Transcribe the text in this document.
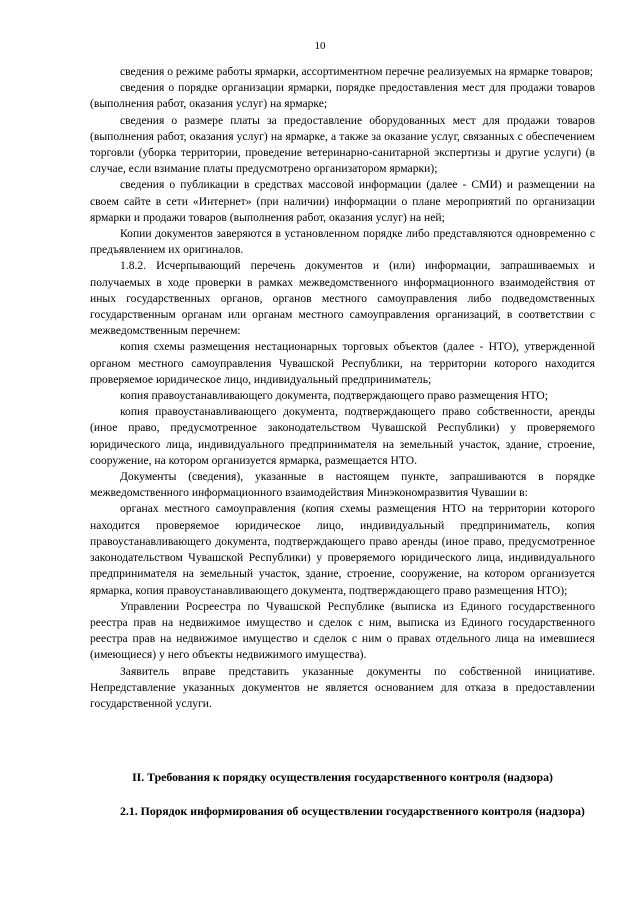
10

сведения о режиме работы ярмарки, ассортиментном перечне реализуемых на ярмарке товаров;

сведения о порядке организации ярмарки, порядке предоставления мест для продажи товаров (выполнения работ, оказания услуг) на ярмарке;

сведения о размере платы за предоставление оборудованных мест для продажи товаров (выполнения работ, оказания услуг) на ярмарке, а также за оказание услуг, связанных с обеспечением торговли (уборка территории, проведение ветеринарно-санитарной экспертизы и другие услуги) (в случае, если взимание платы предусмотрено организатором ярмарки);

сведения о публикации в средствах массовой информации (далее - СМИ) и размещении на своем сайте в сети «Интернет» (при наличии) информации о плане мероприятий по организации ярмарки и продажи товаров (выполнения работ, оказания услуг) на ней;

Копии документов заверяются в установленном порядке либо представляются одновременно с предъявлением их оригиналов.

1.8.2. Исчерпывающий перечень документов и (или) информации, запрашиваемых и получаемых в ходе проверки в рамках межведомственного информационного взаимодействия от иных государственных органов, органов местного самоуправления либо подведомственных государственным органам или органам местного самоуправления организаций, в соответствии с межведомственным перечнем:

копия схемы размещения нестационарных торговых объектов (далее - НТО), утвержденной органом местного самоуправления Чувашской Республики, на территории которого находится проверяемое юридическое лицо, индивидуальный предприниматель;

копия правоустанавливающего документа, подтверждающего право размещения НТО;

копия правоустанавливающего документа, подтверждающего право собственности, аренды (иное право, предусмотренное законодательством Чувашской Республики) у проверяемого юридического лица, индивидуального предпринимателя на земельный участок, здание, строение, сооружение, на котором организуется ярмарка, размещается НТО.

Документы (сведения), указанные в настоящем пункте, запрашиваются в порядке межведомственного информационного взаимодействия Минэкономразвития Чувашии в:

органах местного самоуправления (копия схемы размещения НТО на территории которого находится проверяемое юридическое лицо, индивидуальный предприниматель, копия правоустанавливающего документа, подтверждающего право аренды (иное право, предусмотренное законодательством Чувашской Республики) у проверяемого юридического лица, индивидуального предпринимателя на земельный участок, здание, строение, сооружение, на котором организуется ярмарка, копия правоустанавливающего документа, подтверждающего право размещения НТО);

Управлении Росреестра по Чувашской Республике (выписка из Единого государственного реестра прав на недвижимое имущество и сделок с ним, выписка из Единого государственного реестра прав на недвижимое имущество и сделок с ним о правах отдельного лица на имевшиеся (имеющиеся) у него объекты недвижимого имущества).

Заявитель вправе представить указанные документы по собственной инициативе. Непредставление указанных документов не является основанием для отказа в предоставлении государственной услуги.

II. Требования к порядку осуществления государственного контроля (надзора)
2.1. Порядок информирования об осуществлении государственного контроля (надзора)
